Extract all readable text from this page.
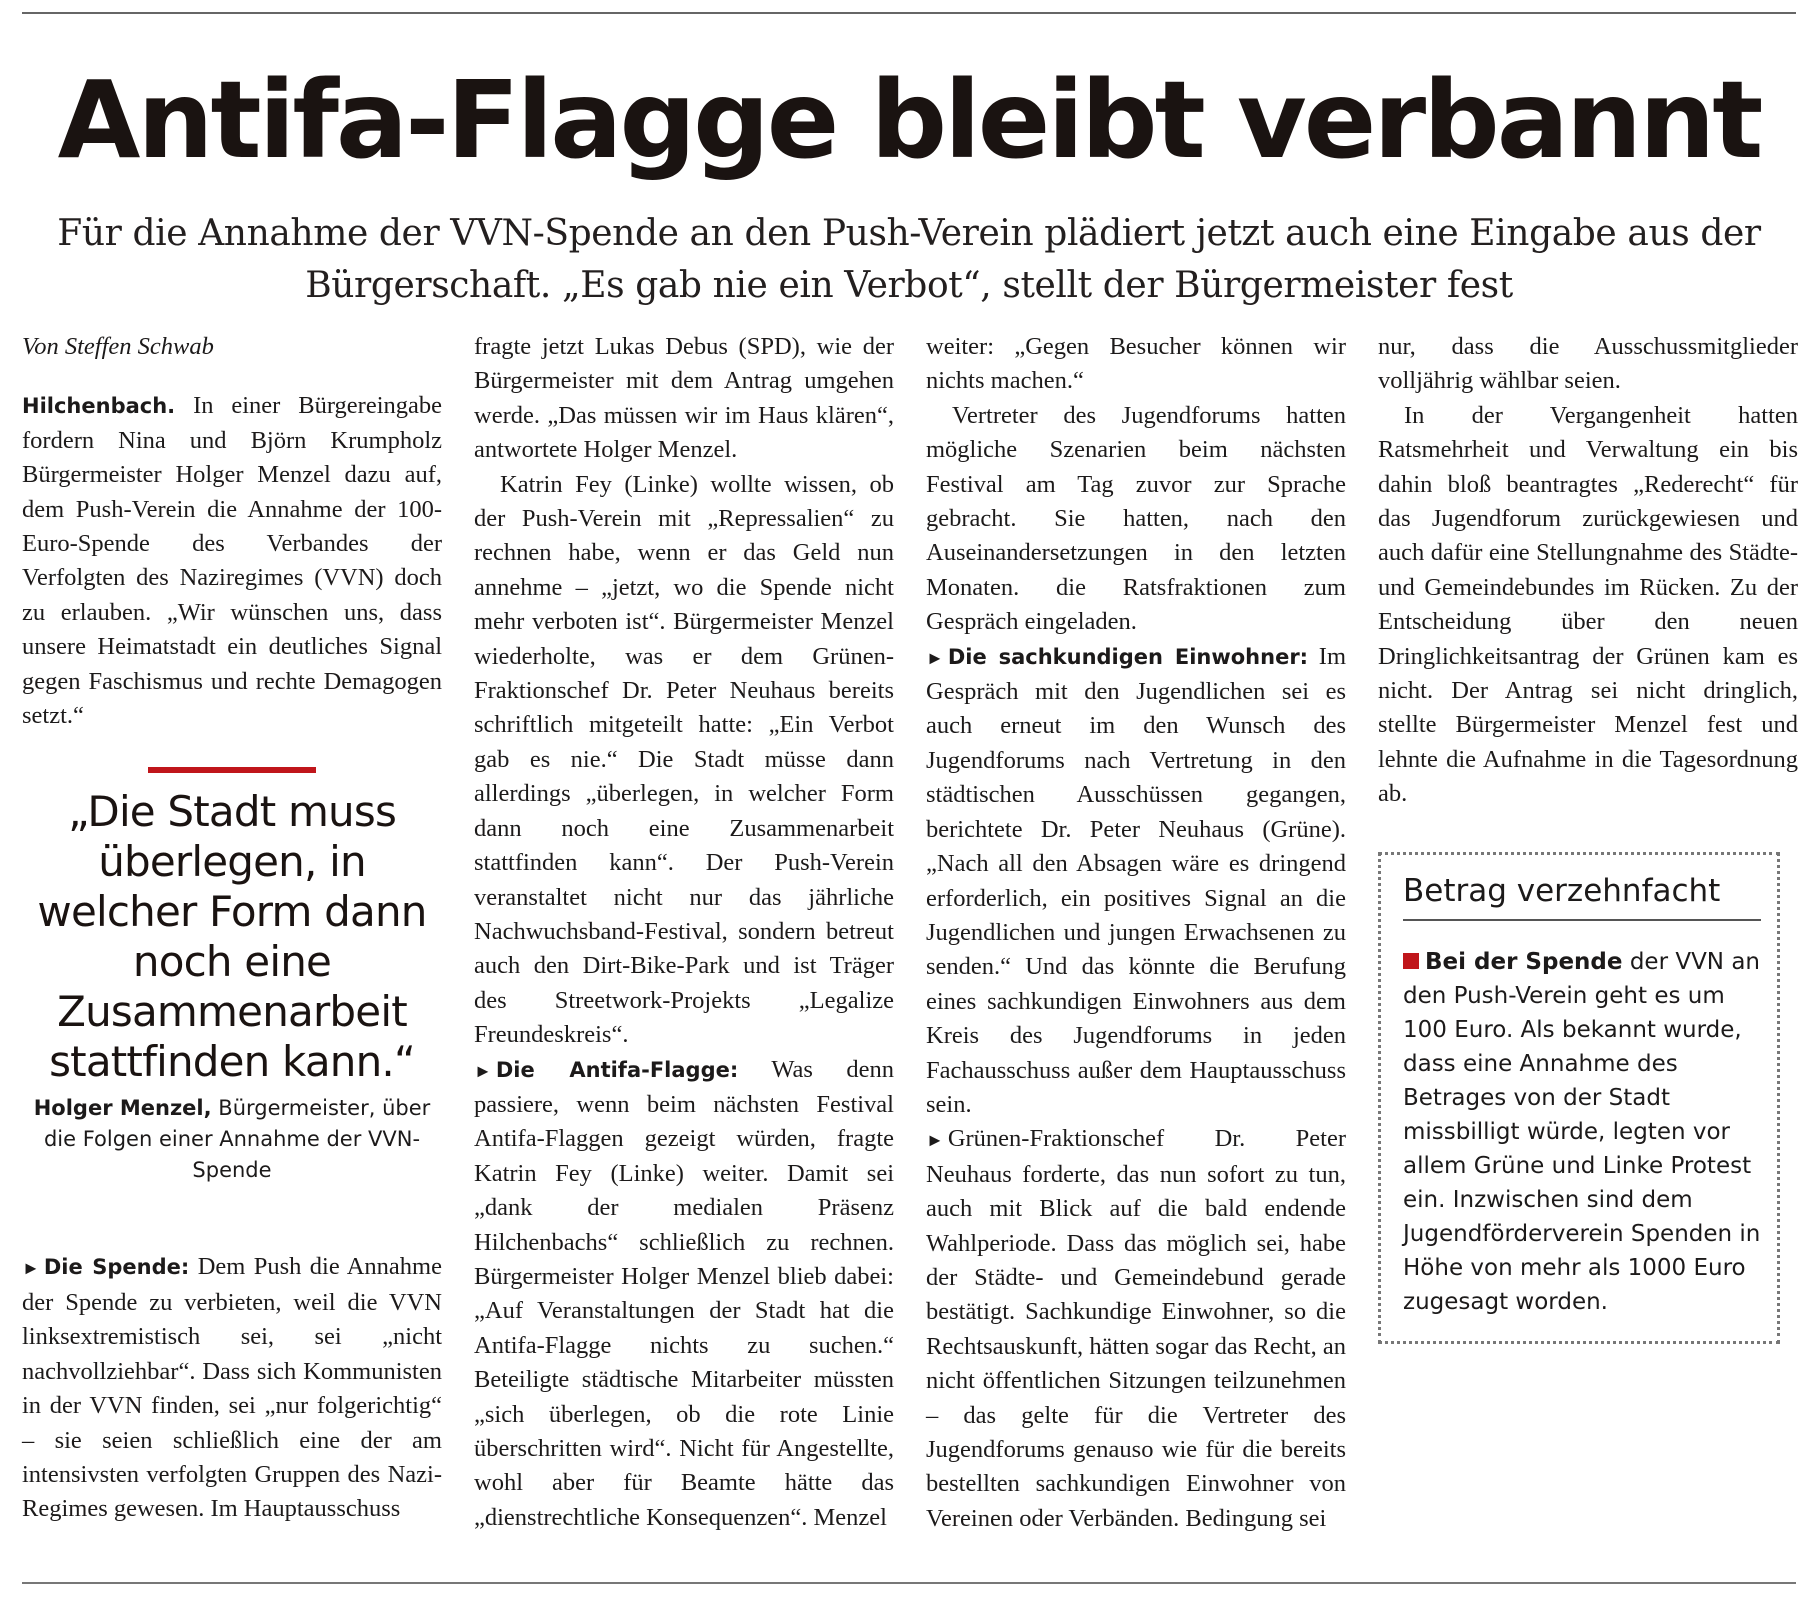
Antifa-Flagge bleibt verbannt

Für die Annahme der VVN-Spende an den Push-Verein plädiert jetzt auch eine Eingabe aus der Bürgerschaft. „Es gab nie ein Verbot“, stellt der Bürgermeister fest

Von Steffen Schwab

Hilchenbach. In einer Bürgereingabe fordern Nina und Björn Krumpholz Bürgermeister Holger Menzel dazu auf, dem Push-Verein die Annahme der 100-Euro-Spende des Verbandes der Verfolgten des Naziregimes (VVN) doch zu erlauben. „Wir wünschen uns, dass unsere Heimatstadt ein deutliches Signal gegen Faschismus und rechte Demagogen setzt.“

„Die Stadt muss überlegen, in welcher Form dann noch eine Zusammenarbeit stattfinden kann.“
Holger Menzel, Bürgermeister, über die Folgen einer Annahme der VVN-Spende

► Die Spende: Dem Push die Annahme der Spende zu verbieten, weil die VVN linksextremistisch sei, sei „nicht nachvollziehbar“. Dass sich Kommunisten in der VVN finden, sei „nur folgerichtig“ – sie seien schließlich eine der am intensivsten verfolgten Gruppen des Nazi-Regimes gewesen. Im Hauptausschuss

fragte jetzt Lukas Debus (SPD), wie der Bürgermeister mit dem Antrag umgehen werde. „Das müssen wir im Haus klären“, antwortete Holger Menzel.

Katrin Fey (Linke) wollte wissen, ob der Push-Verein mit „Repressalien“ zu rechnen habe, wenn er das Geld nun annehme – „jetzt, wo die Spende nicht mehr verboten ist“. Bürgermeister Menzel wiederholte, was er dem Grünen-Fraktionschef Dr. Peter Neuhaus bereits schriftlich mitgeteilt hatte: „Ein Verbot gab es nie.“ Die Stadt müsse dann allerdings „überlegen, in welcher Form dann noch eine Zusammenarbeit stattfinden kann“. Der Push-Verein veranstaltet nicht nur das jährliche Nachwuchsband-Festival, sondern betreut auch den Dirt-Bike-Park und ist Träger des Streetwork-Projekts „Legalize Freundeskreis“.

► Die Antifa-Flagge: Was denn passiere, wenn beim nächsten Festival Antifa-Flaggen gezeigt würden, fragte Katrin Fey (Linke) weiter. Damit sei „dank der medialen Präsenz Hilchenbachs“ schließlich zu rechnen. Bürgermeister Holger Menzel blieb dabei: „Auf Veranstaltungen der Stadt hat die Antifa-Flagge nichts zu suchen.“ Beteiligte städtische Mitarbeiter müssten „sich überlegen, ob die rote Linie überschritten wird“. Nicht für Angestellte, wohl aber für Beamte hätte das „dienstrechtliche Konsequenzen“. Menzel

weiter: „Gegen Besucher können wir nichts machen.“

Vertreter des Jugendforums hatten mögliche Szenarien beim nächsten Festival am Tag zuvor zur Sprache gebracht. Sie hatten, nach den Auseinandersetzungen in den letzten Monaten. die Ratsfraktionen zum Gespräch eingeladen.

► Die sachkundigen Einwohner: Im Gespräch mit den Jugendlichen sei es auch erneut im den Wunsch des Jugendforums nach Vertretung in den städtischen Ausschüssen gegangen, berichtete Dr. Peter Neuhaus (Grüne). „Nach all den Absagen wäre es dringend erforderlich, ein positives Signal an die Jugendlichen und jungen Erwachsenen zu senden.“ Und das könnte die Berufung eines sachkundigen Einwohners aus dem Kreis des Jugendforums in jeden Fachausschuss außer dem Hauptausschuss sein.

► Grünen-Fraktionschef Dr. Peter Neuhaus forderte, das nun sofort zu tun, auch mit Blick auf die bald endende Wahlperiode. Dass das möglich sei, habe der Städte- und Gemeindebund gerade bestätigt. Sachkundige Einwohner, so die Rechtsauskunft, hätten sogar das Recht, an nicht öffentlichen Sitzungen teilzunehmen – das gelte für die Vertreter des Jugendforums genauso wie für die bereits bestellten sachkundigen Einwohner von Vereinen oder Verbänden. Bedingung sei

nur, dass die Ausschussmitglieder volljährig wählbar seien.

In der Vergangenheit hatten Ratsmehrheit und Verwaltung ein bis dahin bloß beantragtes „Rederecht“ für das Jugendforum zurückgewiesen und auch dafür eine Stellungnahme des Städte- und Gemeindebundes im Rücken. Zu der Entscheidung über den neuen Dringlichkeitsantrag der Grünen kam es nicht. Der Antrag sei nicht dringlich, stellte Bürgermeister Menzel fest und lehnte die Aufnahme in die Tagesordnung ab.

Betrag verzehnfacht
Bei der Spende der VVN an den Push-Verein geht es um 100 Euro. Als bekannt wurde, dass eine Annahme des Betrages von der Stadt missbilligt würde, legten vor allem Grüne und Linke Protest ein. Inzwischen sind dem Jugendförderverein Spenden in Höhe von mehr als 1000 Euro zugesagt worden.
